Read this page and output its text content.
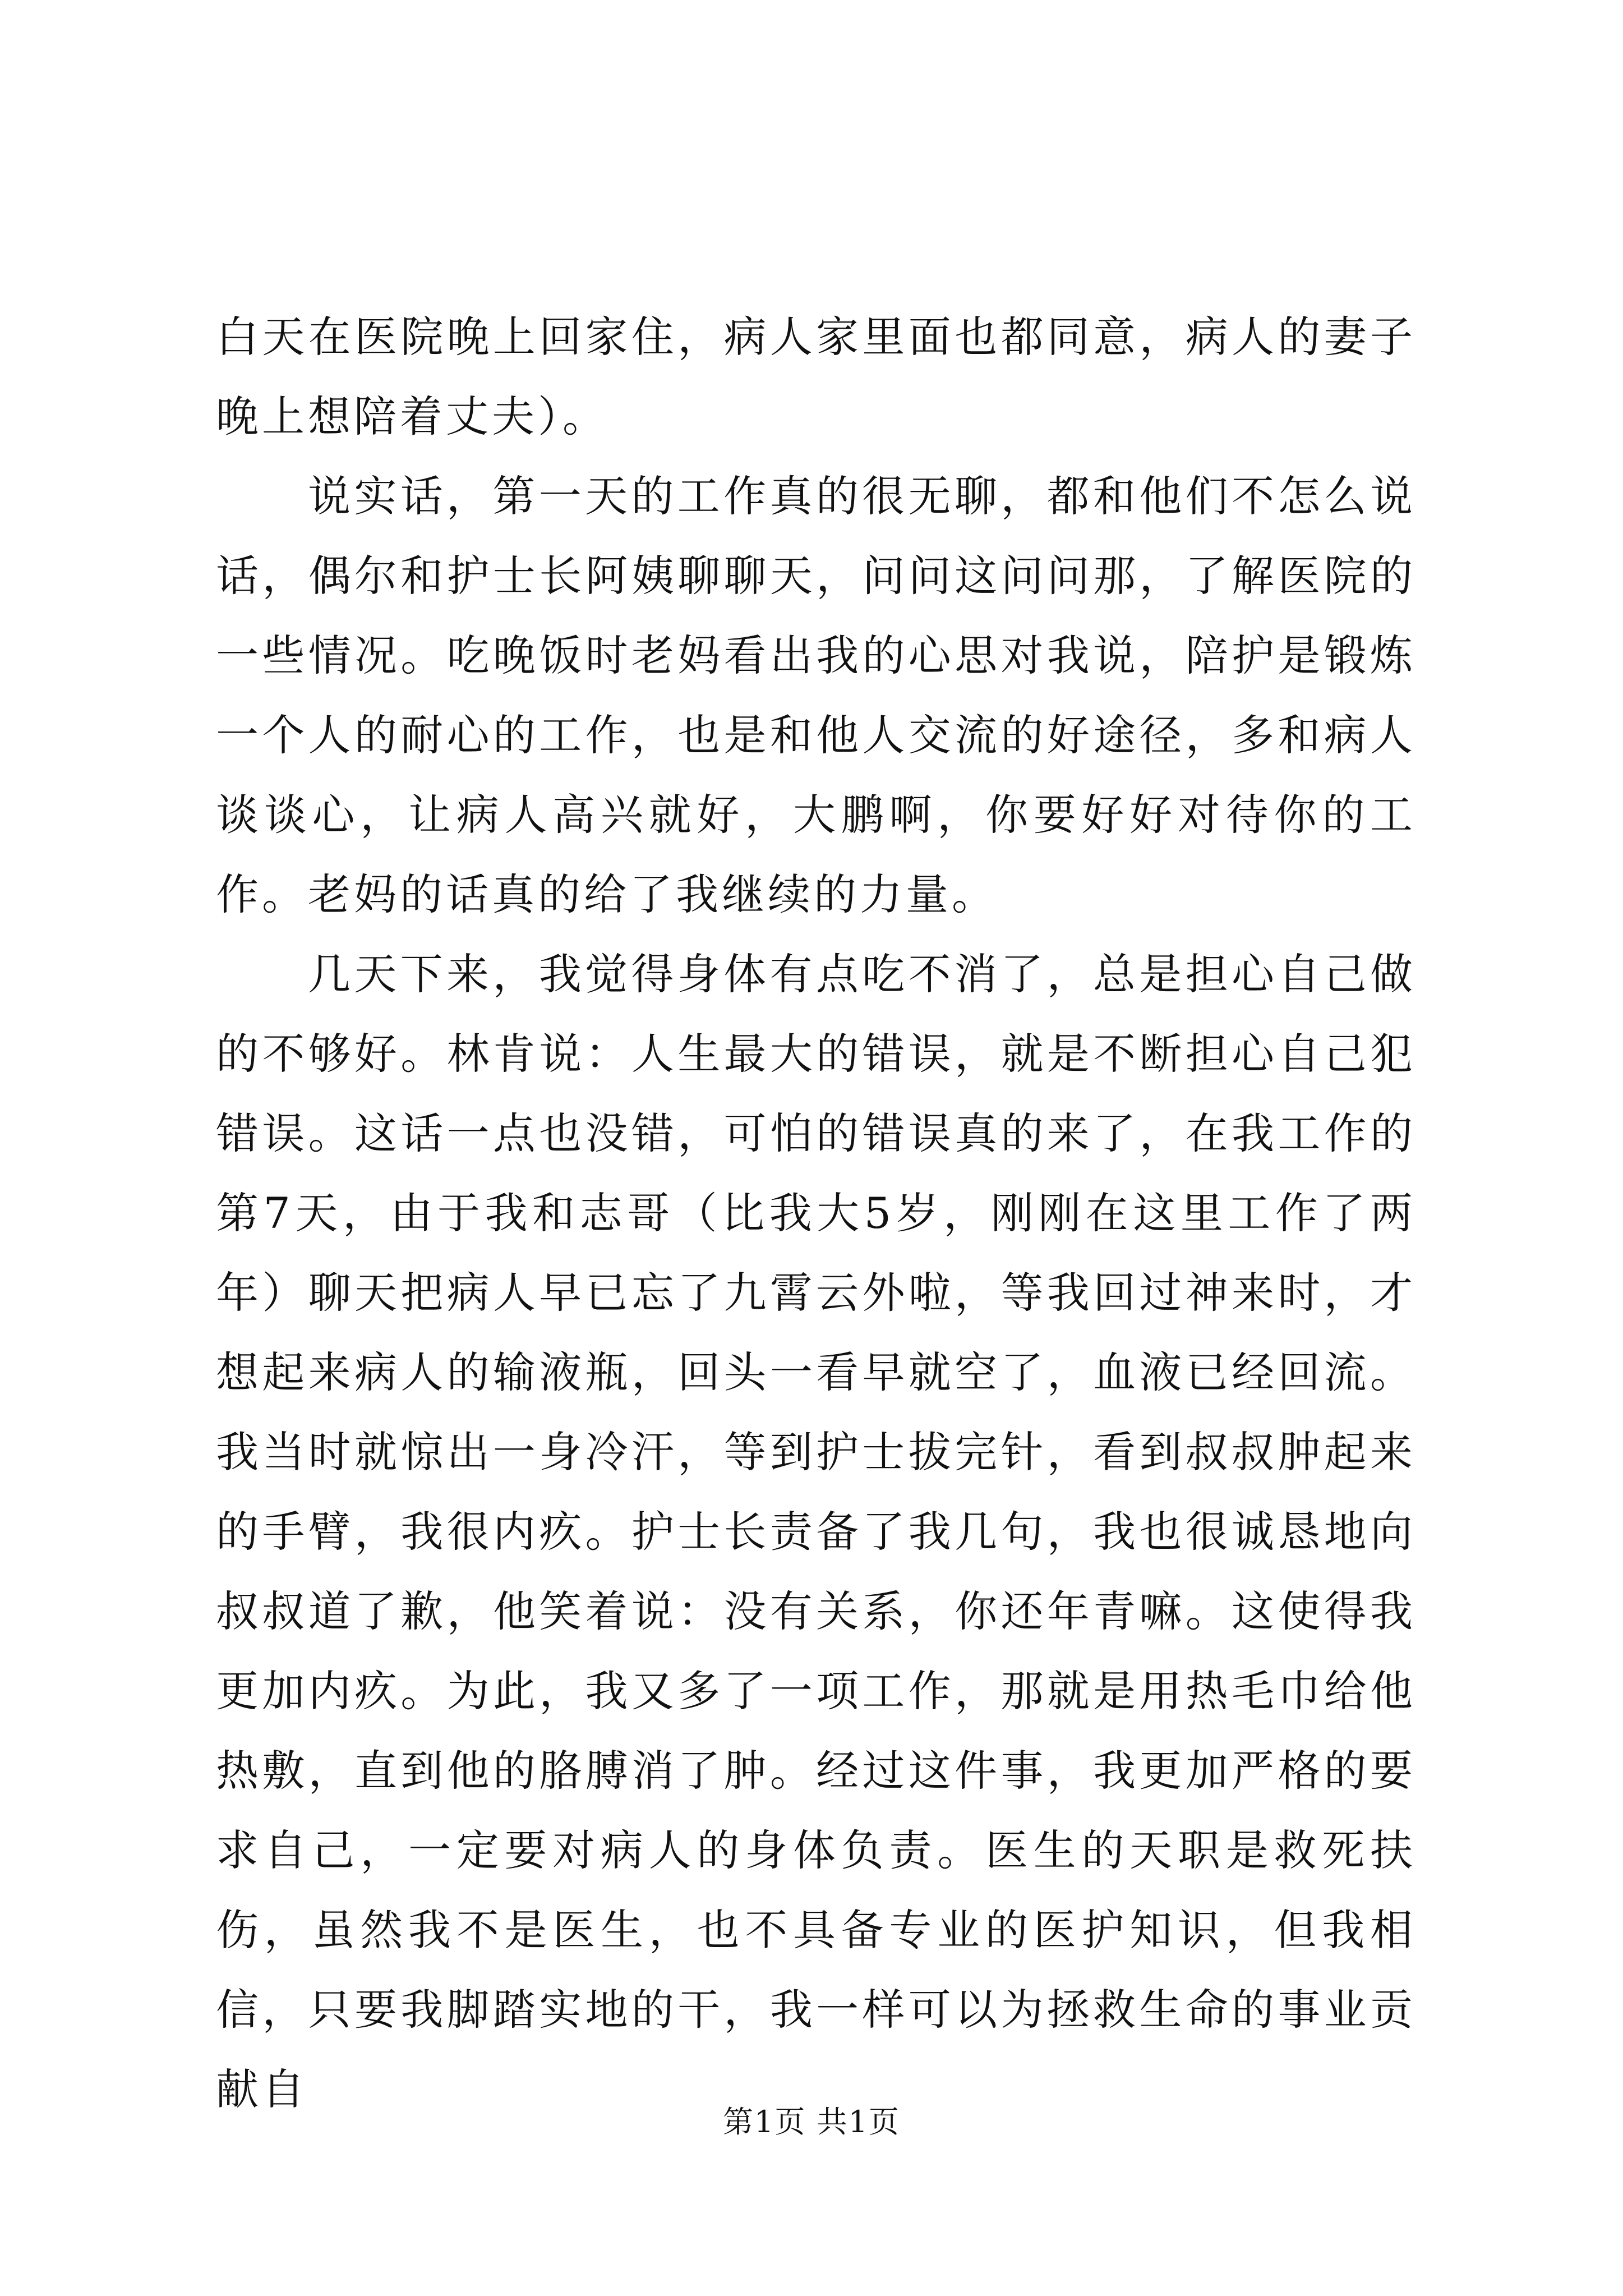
白天在医院晚上回家住，病人家里面也都同意，病人的妻子晚上想陪着丈夫）。

说实话，第一天的工作真的很无聊，都和他们不怎么说话，偶尔和护士长阿姨聊聊天，问问这问问那，了解医院的一些情况。吃晚饭时老妈看出我的心思对我说，陪护是锻炼一个人的耐心的工作，也是和他人交流的好途径，多和病人谈谈心，让病人高兴就好，大鹏啊，你要好好对待你的工作。老妈的话真的给了我继续的力量。

几天下来，我觉得身体有点吃不消了，总是担心自己做的不够好。林肯说：人生最大的错误，就是不断担心自己犯错误。这话一点也没错，可怕的错误真的来了，在我工作的第7天，由于我和志哥（比我大5岁，刚刚在这里工作了两年）聊天把病人早已忘了九霄云外啦，等我回过神来时，才想起来病人的输液瓶，回头一看早就空了，血液已经回流。我当时就惊出一身冷汗，等到护士拔完针，看到叔叔肿起来的手臂，我很内疚。护士长责备了我几句，我也很诚恳地向叔叔道了歉，他笑着说：没有关系，你还年青嘛。这使得我更加内疚。为此，我又多了一项工作，那就是用热毛巾给他热敷，直到他的胳膊消了肿。经过这件事，我更加严格的要求自己，一定要对病人的身体负责。医生的天职是救死扶伤，虽然我不是医生，也不具备专业的医护知识，但我相信，只要我脚踏实地的干，我一样可以为拯救生命的事业贡献自

第1页 共1页
